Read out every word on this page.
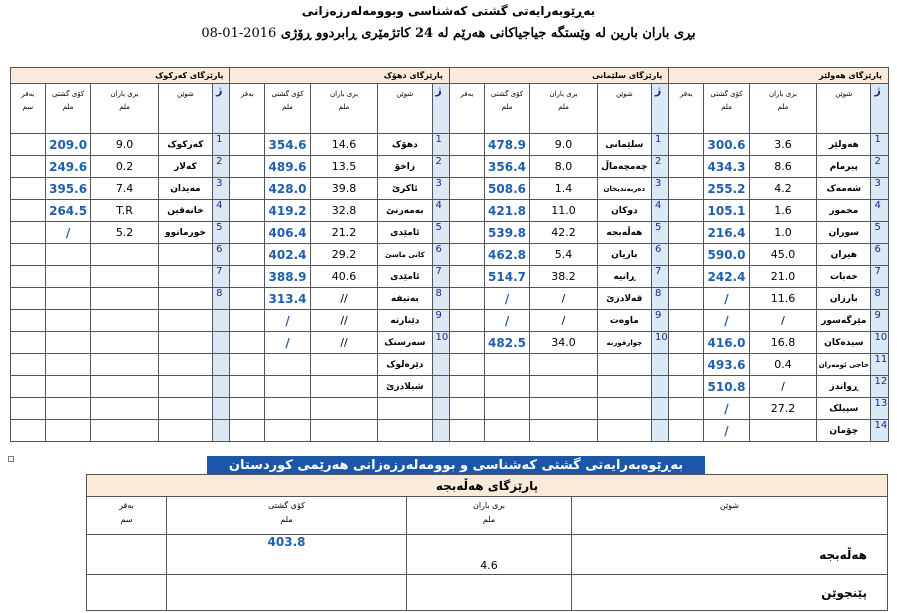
بەڕێوبەرایەتی گشتی کەشناسی وبوومەلەرزەزانی
08-01-2016 بڕی باران بارین لە وێستگە جیاجیاکانی هەرێم لە 24 کاتژمێری ڕابردوو ڕۆژی
پارێزگای کەرکوک					پارێزگای دهۆک					پارێزگای سلێمانی					پارێزگای هەولێر				
بەفر
سم	کۆی گشتی
ملم	بری باران
ملم	شوێن	ژ	بەفر	کۆی گشتی
ملم	بری باران
ملم	شوێن	ژ	بەفر	کۆی گشتی
ملم	بری باران
ملم	شوێن	ژ	بەفر	کۆی گشتی
ملم	بری باران
ملم	شوێن	ژ
	209.0	9.0	کەرکوک	1		354.6	14.6	دهۆک	1		478.9	9.0	سلێمانی	1		300.6	3.6	هەولێر	1
	249.6	0.2	کەلار	2		489.6	13.5	زاخۆ	2		356.4	8.0	چەمچەماڵ	2		434.3	8.6	پیرمام	2
	395.6	7.4	مەیدان	3		428.0	39.8	ئاکرێ	3		508.6	1.4	دەربەندیخان	3		255.2	4.2	شەمەک	3
	264.5	T.R	خانەقین	4		419.2	32.8	بەمەرنێ	4		421.8	11.0	دوکان	4		105.1	1.6	مخمور	4
	/	5.2	خورماتوو	5		406.4	21.2	ئامێدی	5		539.8	42.2	هەڵەبجە	5		216.4	1.0	سوران	5
				6		402.4	29.2	کانی ماسێ	6		462.8	5.4	بازیان	6		590.0	45.0	هیران	6
				7		388.9	40.6	ئامێدی	7		514.7	38.2	ڕانیە	7		242.4	21.0	خەبات	7
				8		313.4	//	بەتیفە	8		/	/	قەلادزێ	8		/	11.6	بارزان	8
						/	//	دێنارتە	9		/	/	ماوەت	9		/	/	مێرگەسور	9
						/	//	سەرسنک	10		482.5	34.0	چوارقورنە	10		416.0	16.8	سیدەکان	10
								دێرەلوک								493.6	0.4	حاجی ئومەران	11
								شیلادزێ								510.8	/	ڕواندز	12
																/	27.2	سپیلک	13
																/		چۆمان	14
بەڕێوەبەرایەتی گشتی کەشناسی و بوومەلەرزەزانی هەرێمی کوردستان
پارێزگای هەڵەبجە			
بەفر
سم	کۆی گشتی
ملم	بری باران
ملم	شوێن
	403.8	4.6	هەڵەبجە
			پێنجوێن
